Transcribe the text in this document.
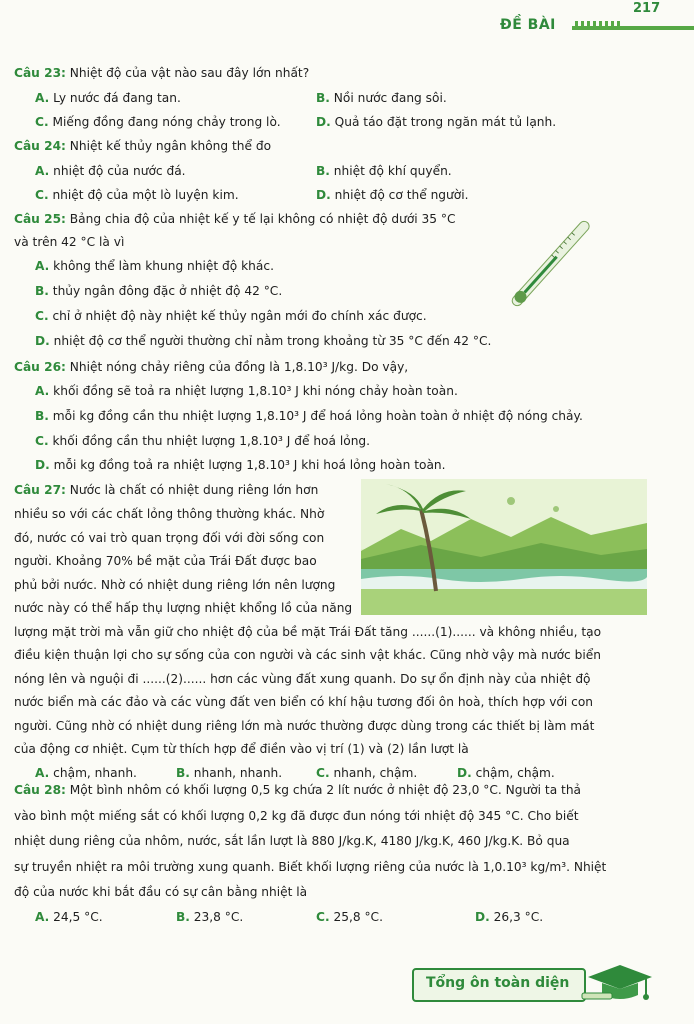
217
ĐỀ BÀI
Câu 23: Nhiệt độ của vật nào sau đây lớn nhất?
A. Ly nước đá đang tan.	B. Nồi nước đang sôi.
C. Miếng đồng đang nóng chảy trong lò.	D. Quả táo đặt trong ngăn mát tủ lạnh.
Câu 24: Nhiệt kế thủy ngân không thể đo
A. nhiệt độ của nước đá.	B. nhiệt độ khí quyển.
C. nhiệt độ của một lò luyện kim.	D. nhiệt độ cơ thể người.
Câu 25: Bảng chia độ của nhiệt kế y tế lại không có nhiệt độ dưới 35 °C
và trên 42 °C là vì
A. không thể làm khung nhiệt độ khác.
B. thủy ngân đông đặc ở nhiệt độ 42 °C.
C. chỉ ở nhiệt độ này nhiệt kế thủy ngân mới đo chính xác được.
D. nhiệt độ cơ thể người thường chỉ nằm trong khoảng từ 35 °C đến 42 °C.
Câu 26: Nhiệt nóng chảy riêng của đồng là 1,8.10³ J/kg. Do vậy,
A. khối đồng sẽ toả ra nhiệt lượng 1,8.10³ J khi nóng chảy hoàn toàn.
B. mỗi kg đồng cần thu nhiệt lượng 1,8.10³ J để hoá lỏng hoàn toàn ở nhiệt độ nóng chảy.
C. khối đồng cần thu nhiệt lượng 1,8.10³ J để hoá lỏng.
D. mỗi kg đồng toả ra nhiệt lượng 1,8.10³ J khi hoá lỏng hoàn toàn.
Câu 27: Nước là chất có nhiệt dung riêng lớn hơn
nhiều so với các chất lỏng thông thường khác. Nhờ
đó, nước có vai trò quan trọng đối với đời sống con
người. Khoảng 70% bề mặt của Trái Đất được bao
phủ bởi nước. Nhờ có nhiệt dung riêng lớn nên lượng
nước này có thể hấp thụ lượng nhiệt khổng lồ của năng
lượng mặt trời mà vẫn giữ cho nhiệt độ của bề mặt Trái Đất tăng ......(1)...... và không nhiều, tạo
điều kiện thuận lợi cho sự sống của con người và các sinh vật khác. Cũng nhờ vậy mà nước biển
nóng lên và nguội đi ......(2)...... hơn các vùng đất xung quanh. Do sự ổn định này của nhiệt độ
nước biển mà các đảo và các vùng đất ven biển có khí hậu tương đối ôn hoà, thích hợp với con
người. Cũng nhờ có nhiệt dung riêng lớn mà nước thường được dùng trong các thiết bị làm mát
của động cơ nhiệt. Cụm từ thích hợp để điền vào vị trí (1) và (2) lần lượt là
A. chậm, nhanh.	B. nhanh, nhanh.	C. nhanh, chậm.	D. chậm, chậm.
Câu 28: Một bình nhôm có khối lượng 0,5 kg chứa 2 lít nước ở nhiệt độ 23,0 °C. Người ta thả
vào bình một miếng sắt có khối lượng 0,2 kg đã được đun nóng tới nhiệt độ 345 °C. Cho biết
nhiệt dung riêng của nhôm, nước, sắt lần lượt là 880 J/kg.K, 4180 J/kg.K, 460 J/kg.K. Bỏ qua
sự truyền nhiệt ra môi trường xung quanh. Biết khối lượng riêng của nước là 1,0.10³ kg/m³. Nhiệt
độ của nước khi bắt đầu có sự cân bằng nhiệt là
A. 24,5 °C.	B. 23,8 °C.	C. 25,8 °C.	D. 26,3 °C.
Tổng ôn toàn diện
